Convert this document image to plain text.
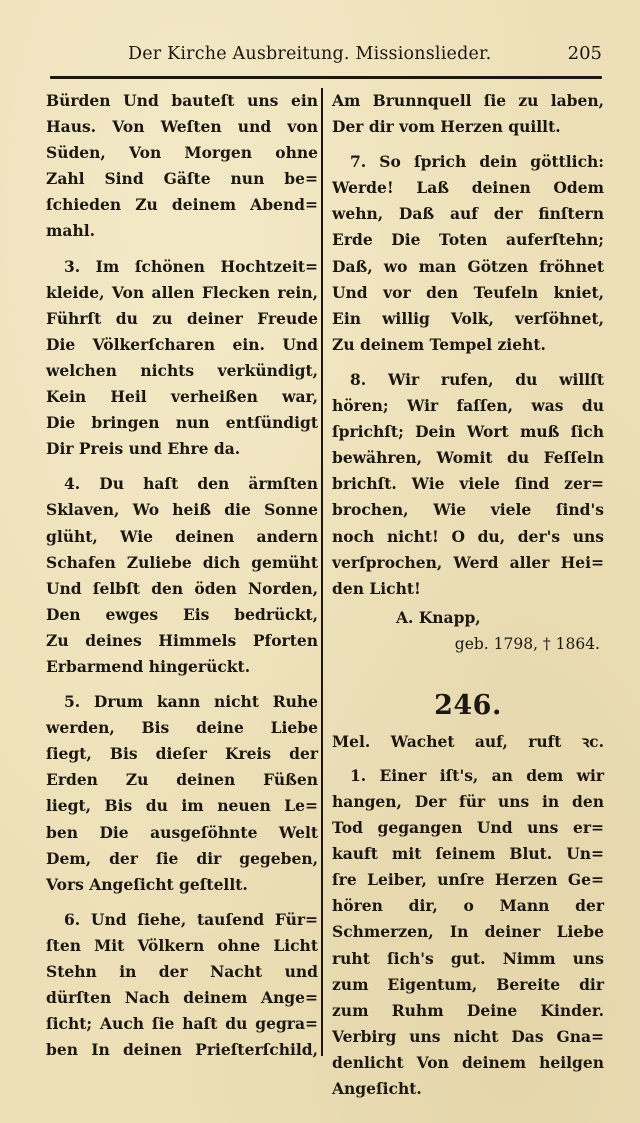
Der Kirche Ausbreitung. Missionslieder.	205
Bürden Und bauteſt uns ein
Haus. Von Weſten und von
Süden, Von Morgen ohne
Zahl Sind Gäſte nun be=
ſchieden Zu deinem Abend=
mahl.
3. Im ſchönen Hochtzeit=
kleide, Von allen Flecken rein,
Führſt du zu deiner Freude
Die Völkerſcharen ein. Und
welchen nichts verkündigt,
Kein Heil verheißen war,
Die bringen nun entſündigt
Dir Preis und Ehre da.
4. Du haſt den ärmſten
Sklaven, Wo heiß die Sonne
glüht, Wie deinen andern
Schafen Zuliebe dich gemüht
Und ſelbſt den öden Norden,
Den ewges Eis bedrückt,
Zu deines Himmels Pforten
Erbarmend hingerückt.
5. Drum kann nicht Ruhe
werden, Bis deine Liebe
ſiegt, Bis dieſer Kreis der
Erden Zu deinen Füßen
liegt, Bis du im neuen Le=
ben Die ausgeſöhnte Welt
Dem, der ſie dir gegeben,
Vors Angeſicht geſtellt.
6. Und ſiehe, tauſend Für=
ſten Mit Völkern ohne Licht
Stehn in der Nacht und
dürſten Nach deinem Ange=
ſicht; Auch ſie haſt du gegra=
ben In deinen Prieſterſchild,
Am Brunnquell ſie zu laben,
Der dir vom Herzen quillt.
7. So ſprich dein göttlich:
Werde! Laß deinen Odem
wehn, Daß auf der finſtern
Erde Die Toten auferſtehn;
Daß, wo man Götzen fröhnet
Und vor den Teufeln kniet,
Ein willig Volk, verſöhnet,
Zu deinem Tempel zieht.
8. Wir rufen, du willſt
hören; Wir faſſen, was du
ſprichſt; Dein Wort muß ſich
bewähren, Womit du Feſſeln
brichſt. Wie viele ſind zer=
brochen, Wie viele ſind's
noch nicht! O du, der's uns
verſprochen, Werd aller Hei=
den Licht!
A. Knapp,
geb. 1798, † 1864.
246.
Mel. Wachet auf, ruft ꝛc.
1. Einer iſt's, an dem wir
hangen, Der für uns in den
Tod gegangen Und uns er=
kauft mit ſeinem Blut. Un=
ſre Leiber, unſre Herzen Ge=
hören dir, o Mann der
Schmerzen, In deiner Liebe
ruht ſich's gut. Nimm uns
zum Eigentum, Bereite dir
zum Ruhm Deine Kinder.
Verbirg uns nicht Das Gna=
denlicht Von deinem heilgen
Angeſicht.
